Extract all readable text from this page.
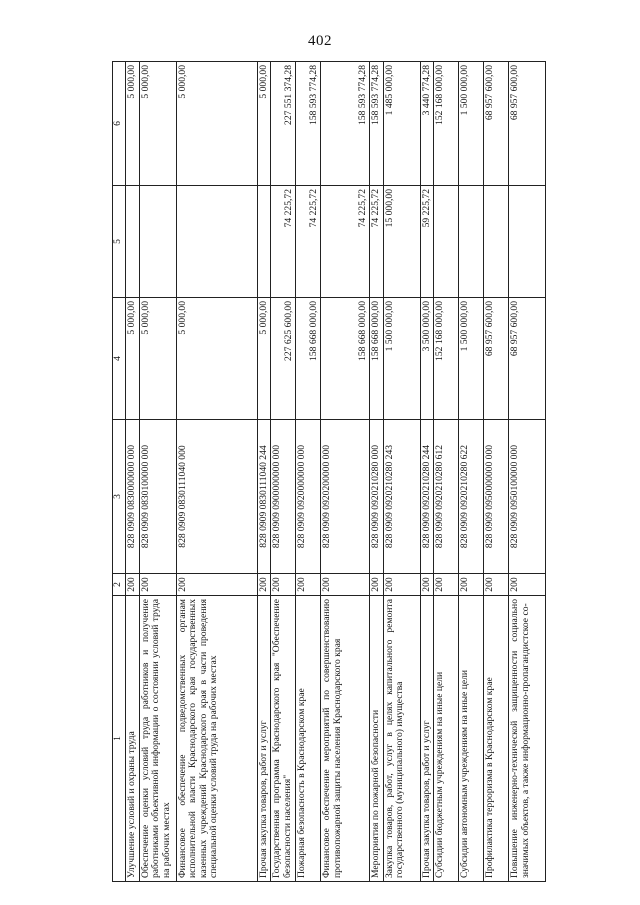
402
1	2	3	4	5	6
Улучшение условий и охраны труда	200	828 0909 0830000000 000	5 000,00		5 000,00
Обеспечение оценки условий труда работников и получение работниками объективной информации о состоянии условий труда на рабочих местах	200	828 0909 0830100000 000	5 000,00		5 000,00
Финансовое обеспечение подведомственных органам исполнительной власти Краснодарского края государственных казенных учреждений Краснодарского края в части проведения специальной оценки условий труда на рабочих местах	200	828 0909 0830111040 000	5 000,00		5 000,00
Прочая закупка товаров, работ и услуг	200	828 0909 0830111040 244	5 000,00		5 000,00
Государственная программа Краснодарского края "Обеспечение безопасности населения"	200	828 0909 0900000000 000	227 625 600,00	74 225,72	227 551 374,28
Пожарная безопасность в Краснодарском крае	200	828 0909 0920000000 000	158 668 000,00	74 225,72	158 593 774,28
Финансовое обеспечение мероприятий по совершенствованию противопожарной защиты населения Краснодарского края	200	828 0909 0920200000 000	158 668 000,00	74 225,72	158 593 774,28
Мероприятия по пожарной безопасности	200	828 0909 0920210280 000	158 668 000,00	74 225,72	158 593 774,28
Закупка товаров, работ, услуг в целях капитального ремонта государственного (муниципального) имущества	200	828 0909 0920210280 243	1 500 000,00	15 000,00	1 485 000,00
Прочая закупка товаров, работ и услуг	200	828 0909 0920210280 244	3 500 000,00	59 225,72	3 440 774,28
Субсидии бюджетным учреждениям на иные цели	200	828 0909 0920210280 612	152 168 000,00		152 168 000,00
Субсидии автономным учреждениям на иные цели	200	828 0909 0920210280 622	1 500 000,00		1 500 000,00
Профилактика терроризма в Краснодарском крае	200	828 0909 0950000000 000	68 957 600,00		68 957 600,00
Повышение инженерно-технической защищенности социально значимых объектов, а также информационно-пропагандистское со-	200	828 0909 0950100000 000	68 957 600,00		68 957 600,00
